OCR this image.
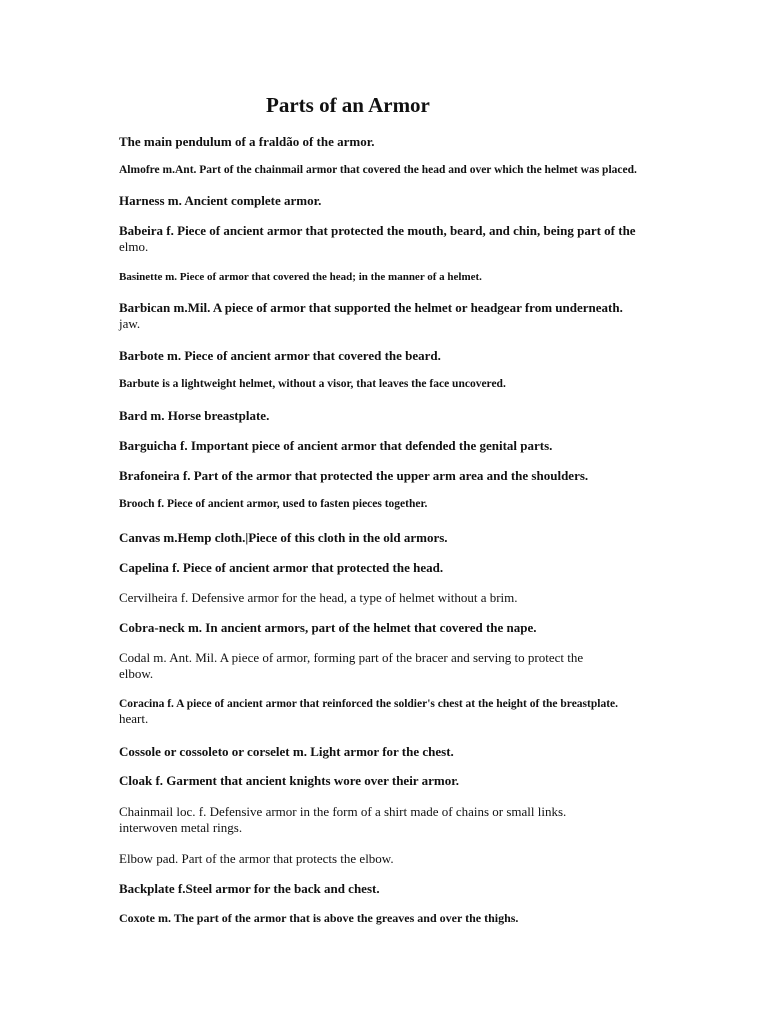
Parts of an Armor

The main pendulum of a fraldão of the armor.

Almofre m.Ant. Part of the chainmail armor that covered the head and over which the helmet was placed.

Harness m. Ancient complete armor.

Babeira f. Piece of ancient armor that protected the mouth, beard, and chin, being part of the
elmo.

Basinette m. Piece of armor that covered the head; in the manner of a helmet.

Barbican m.Mil. A piece of armor that supported the helmet or headgear from underneath.
jaw.

Barbote m. Piece of ancient armor that covered the beard.

Barbute is a lightweight helmet, without a visor, that leaves the face uncovered.

Bard m. Horse breastplate.

Barguicha f. Important piece of ancient armor that defended the genital parts.

Brafoneira f. Part of the armor that protected the upper arm area and the shoulders.

Brooch f. Piece of ancient armor, used to fasten pieces together.

Canvas m.Hemp cloth.|Piece of this cloth in the old armors.

Capelina f. Piece of ancient armor that protected the head.

Cervilheira f. Defensive armor for the head, a type of helmet without a brim.

Cobra-neck m. In ancient armors, part of the helmet that covered the nape.

Codal m. Ant. Mil. A piece of armor, forming part of the bracer and serving to protect the
elbow.

Coracina f. A piece of ancient armor that reinforced the soldier's chest at the height of the breastplate.
heart.

Cossole or cossoleto or corselet m. Light armor for the chest.

Cloak f. Garment that ancient knights wore over their armor.

Chainmail loc. f. Defensive armor in the form of a shirt made of chains or small links.
interwoven metal rings.

Elbow pad. Part of the armor that protects the elbow.

Backplate f.Steel armor for the back and chest.

Coxote m. The part of the armor that is above the greaves and over the thighs.
